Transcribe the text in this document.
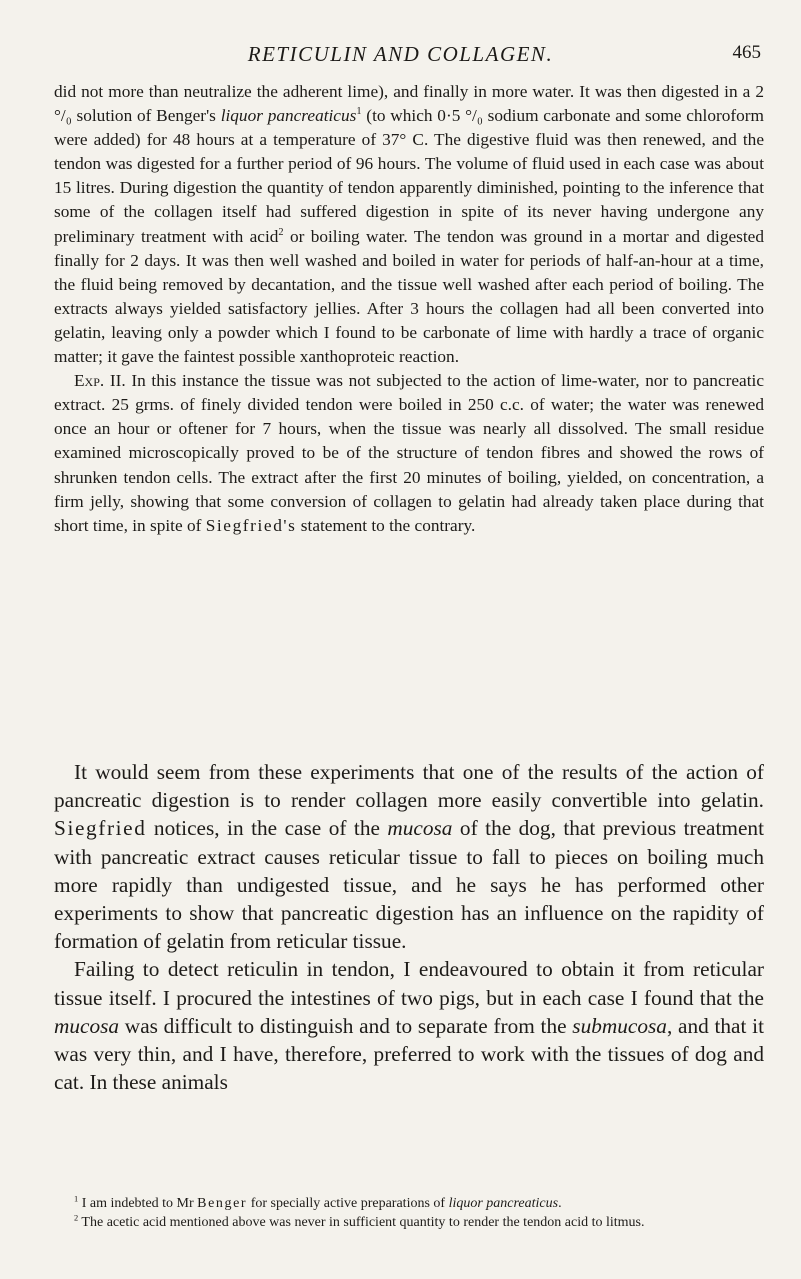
RETICULIN AND COLLAGEN.	465

did not more than neutralize the adherent lime), and finally in more water. It was then digested in a 2 °/₀ solution of Benger's liquor pancreaticus$^1$ (to which 0·5 °/₀ sodium carbonate and some chloroform were added) for 48 hours at a temperature of 37° C. The digestive fluid was then renewed, and the tendon was digested for a further period of 96 hours. The volume of fluid used in each case was about 15 litres. During digestion the quantity of tendon apparently diminished, pointing to the inference that some of the collagen itself had suffered digestion in spite of its never having undergone any preliminary treatment with acid$^2$ or boiling water. The tendon was ground in a mortar and digested finally for 2 days. It was then well washed and boiled in water for periods of half-an-hour at a time, the fluid being removed by decantation, and the tissue well washed after each period of boiling. The extracts always yielded satisfactory jellies. After 3 hours the collagen had all been converted into gelatin, leaving only a powder which I found to be carbonate of lime with hardly a trace of organic matter; it gave the faintest possible xanthoproteic reaction.

Exp. II. In this instance the tissue was not subjected to the action of lime-water, nor to pancreatic extract. 25 grms. of finely divided tendon were boiled in 250 c.c. of water; the water was renewed once an hour or oftener for 7 hours, when the tissue was nearly all dissolved. The small residue examined microscopically proved to be of the structure of tendon fibres and showed the rows of shrunken tendon cells. The extract after the first 20 minutes of boiling, yielded, on concentration, a firm jelly, showing that some conversion of collagen to gelatin had already taken place during that short time, in spite of Siegfried's statement to the contrary.

It would seem from these experiments that one of the results of the action of pancreatic digestion is to render collagen more easily convertible into gelatin. Siegfried notices, in the case of the mucosa of the dog, that previous treatment with pancreatic extract causes reticular tissue to fall to pieces on boiling much more rapidly than undigested tissue, and he says he has performed other experiments to show that pancreatic digestion has an influence on the rapidity of formation of gelatin from reticular tissue.

Failing to detect reticulin in tendon, I endeavoured to obtain it from reticular tissue itself. I procured the intestines of two pigs, but in each case I found that the mucosa was difficult to distinguish and to separate from the submucosa, and that it was very thin, and I have, therefore, preferred to work with the tissues of dog and cat. In these animals

$^1$ I am indebted to Mr Benger for specially active preparations of liquor pancreaticus.

$^2$ The acetic acid mentioned above was never in sufficient quantity to render the tendon acid to litmus.
